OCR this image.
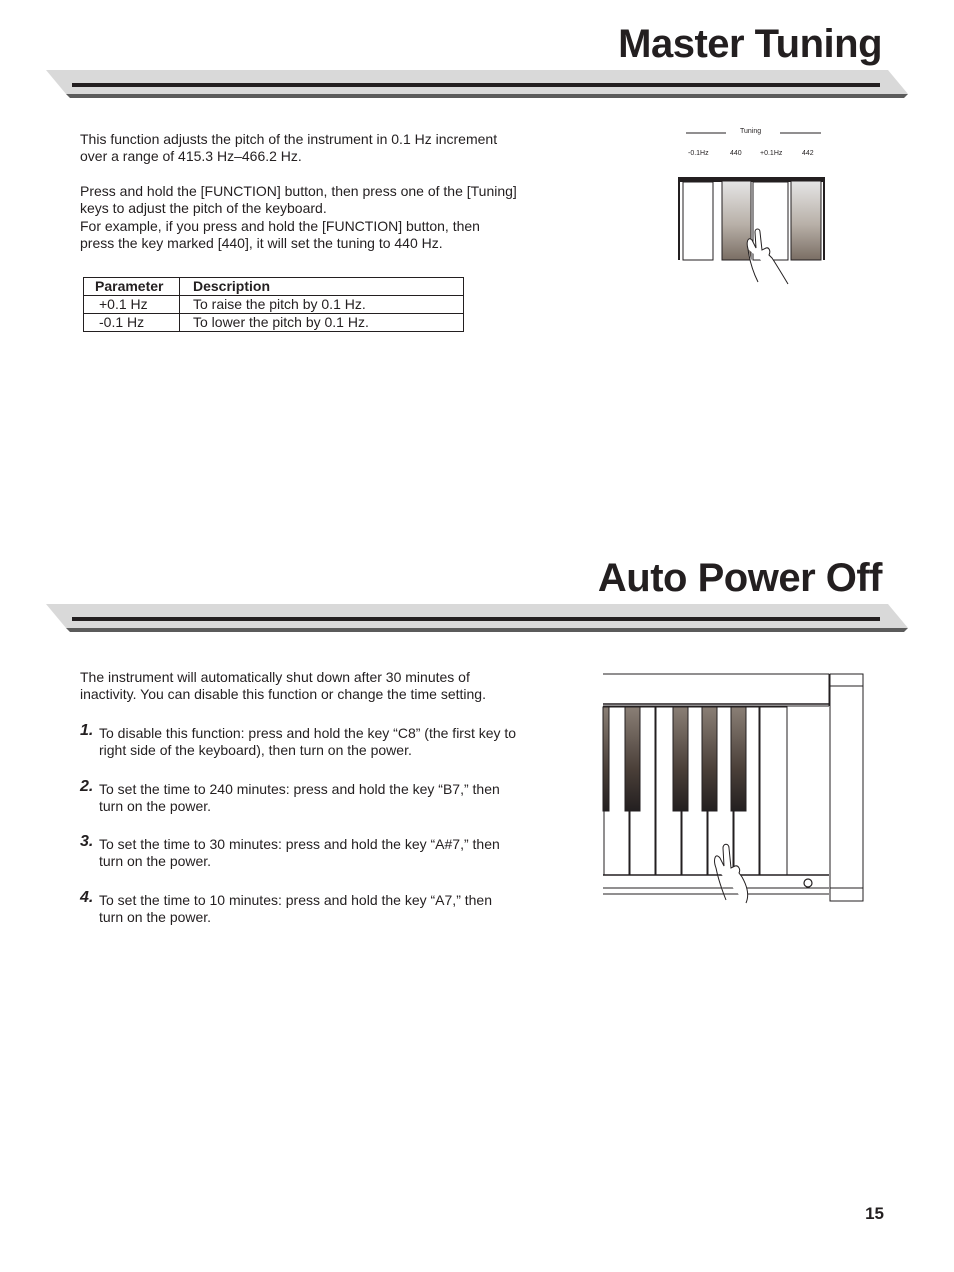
Master Tuning

This function adjusts the pitch of the instrument in 0.1 Hz increment
over a range of 415.3 Hz–466.2 Hz.

Press and hold the [FUNCTION] button, then press one of the [Tuning]
keys to adjust the pitch of the keyboard.
For example, if you press and hold the [FUNCTION] button, then
press the key marked [440], it will set the tuning to 440 Hz.

Parameter	Description
+0.1 Hz	To raise the pitch by 0.1 Hz.
-0.1 Hz	To lower the pitch by 0.1 Hz.
Tuning
-0.1Hz	440	+0.1Hz	442
Auto Power Off

The instrument will automatically shut down after 30 minutes of
inactivity. You can disable this function or change the time setting.

1. To disable this function: press and hold the key “C8” (the first key to
right side of the keyboard), then turn on the power.
2. To set the time to 240 minutes: press and hold the key “B7,” then
turn on the power.
3. To set the time to 30 minutes: press and hold the key “A#7,” then
turn on the power.
4. To set the time to 10 minutes: press and hold the key “A7,” then
turn on the power.
15
